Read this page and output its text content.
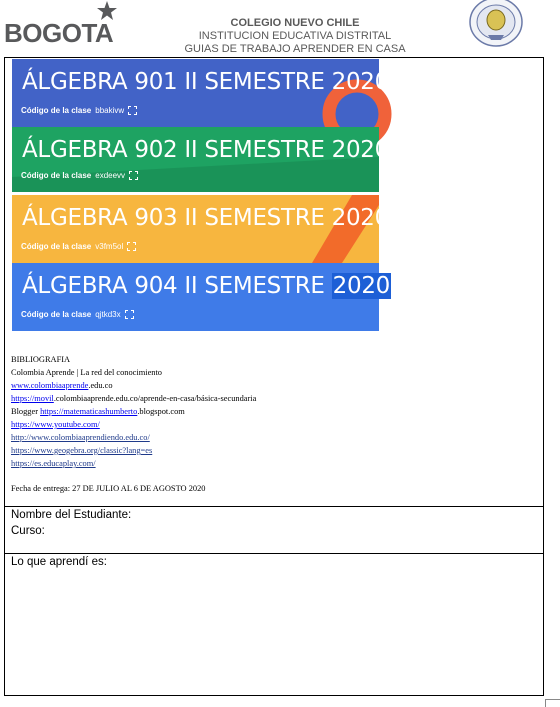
BOGOTA	COLEGIO NUEVO CHILE
INSTITUCION EDUCATIVA DISTRITAL
GUIAS DE TRABAJO APRENDER EN CASA
ÁLGEBRA 901 II SEMESTRE 2020
Código de la clase bbakivw
ÁLGEBRA 902 II SEMESTRE 2020
Código de la clase exdeevv
ÁLGEBRA 903 II SEMESTRE 2020
Código de la clase v3fm5ol
ÁLGEBRA 904 II SEMESTRE 2020
Código de la clase qjtkd3x
BIBLIOGRAFIA
Colombia Aprende | La red del conocimiento
www.colombiaaprende.edu.co
https://movil.colombiaaprende.edu.co/aprende-en-casa/básica-secundaria
Blogger https://matematicashumberto.blogspot.com
https://www.youtube.com/
http://www.colombiaaprendiendo.edu.co/
https://www.geogebra.org/classic?lang=es
https://es.educaplay.com/
Fecha de entrega: 27 DE JULIO AL 6 DE AGOSTO 2020
Nombre del Estudiante:
Curso:
Lo que aprendí es:
